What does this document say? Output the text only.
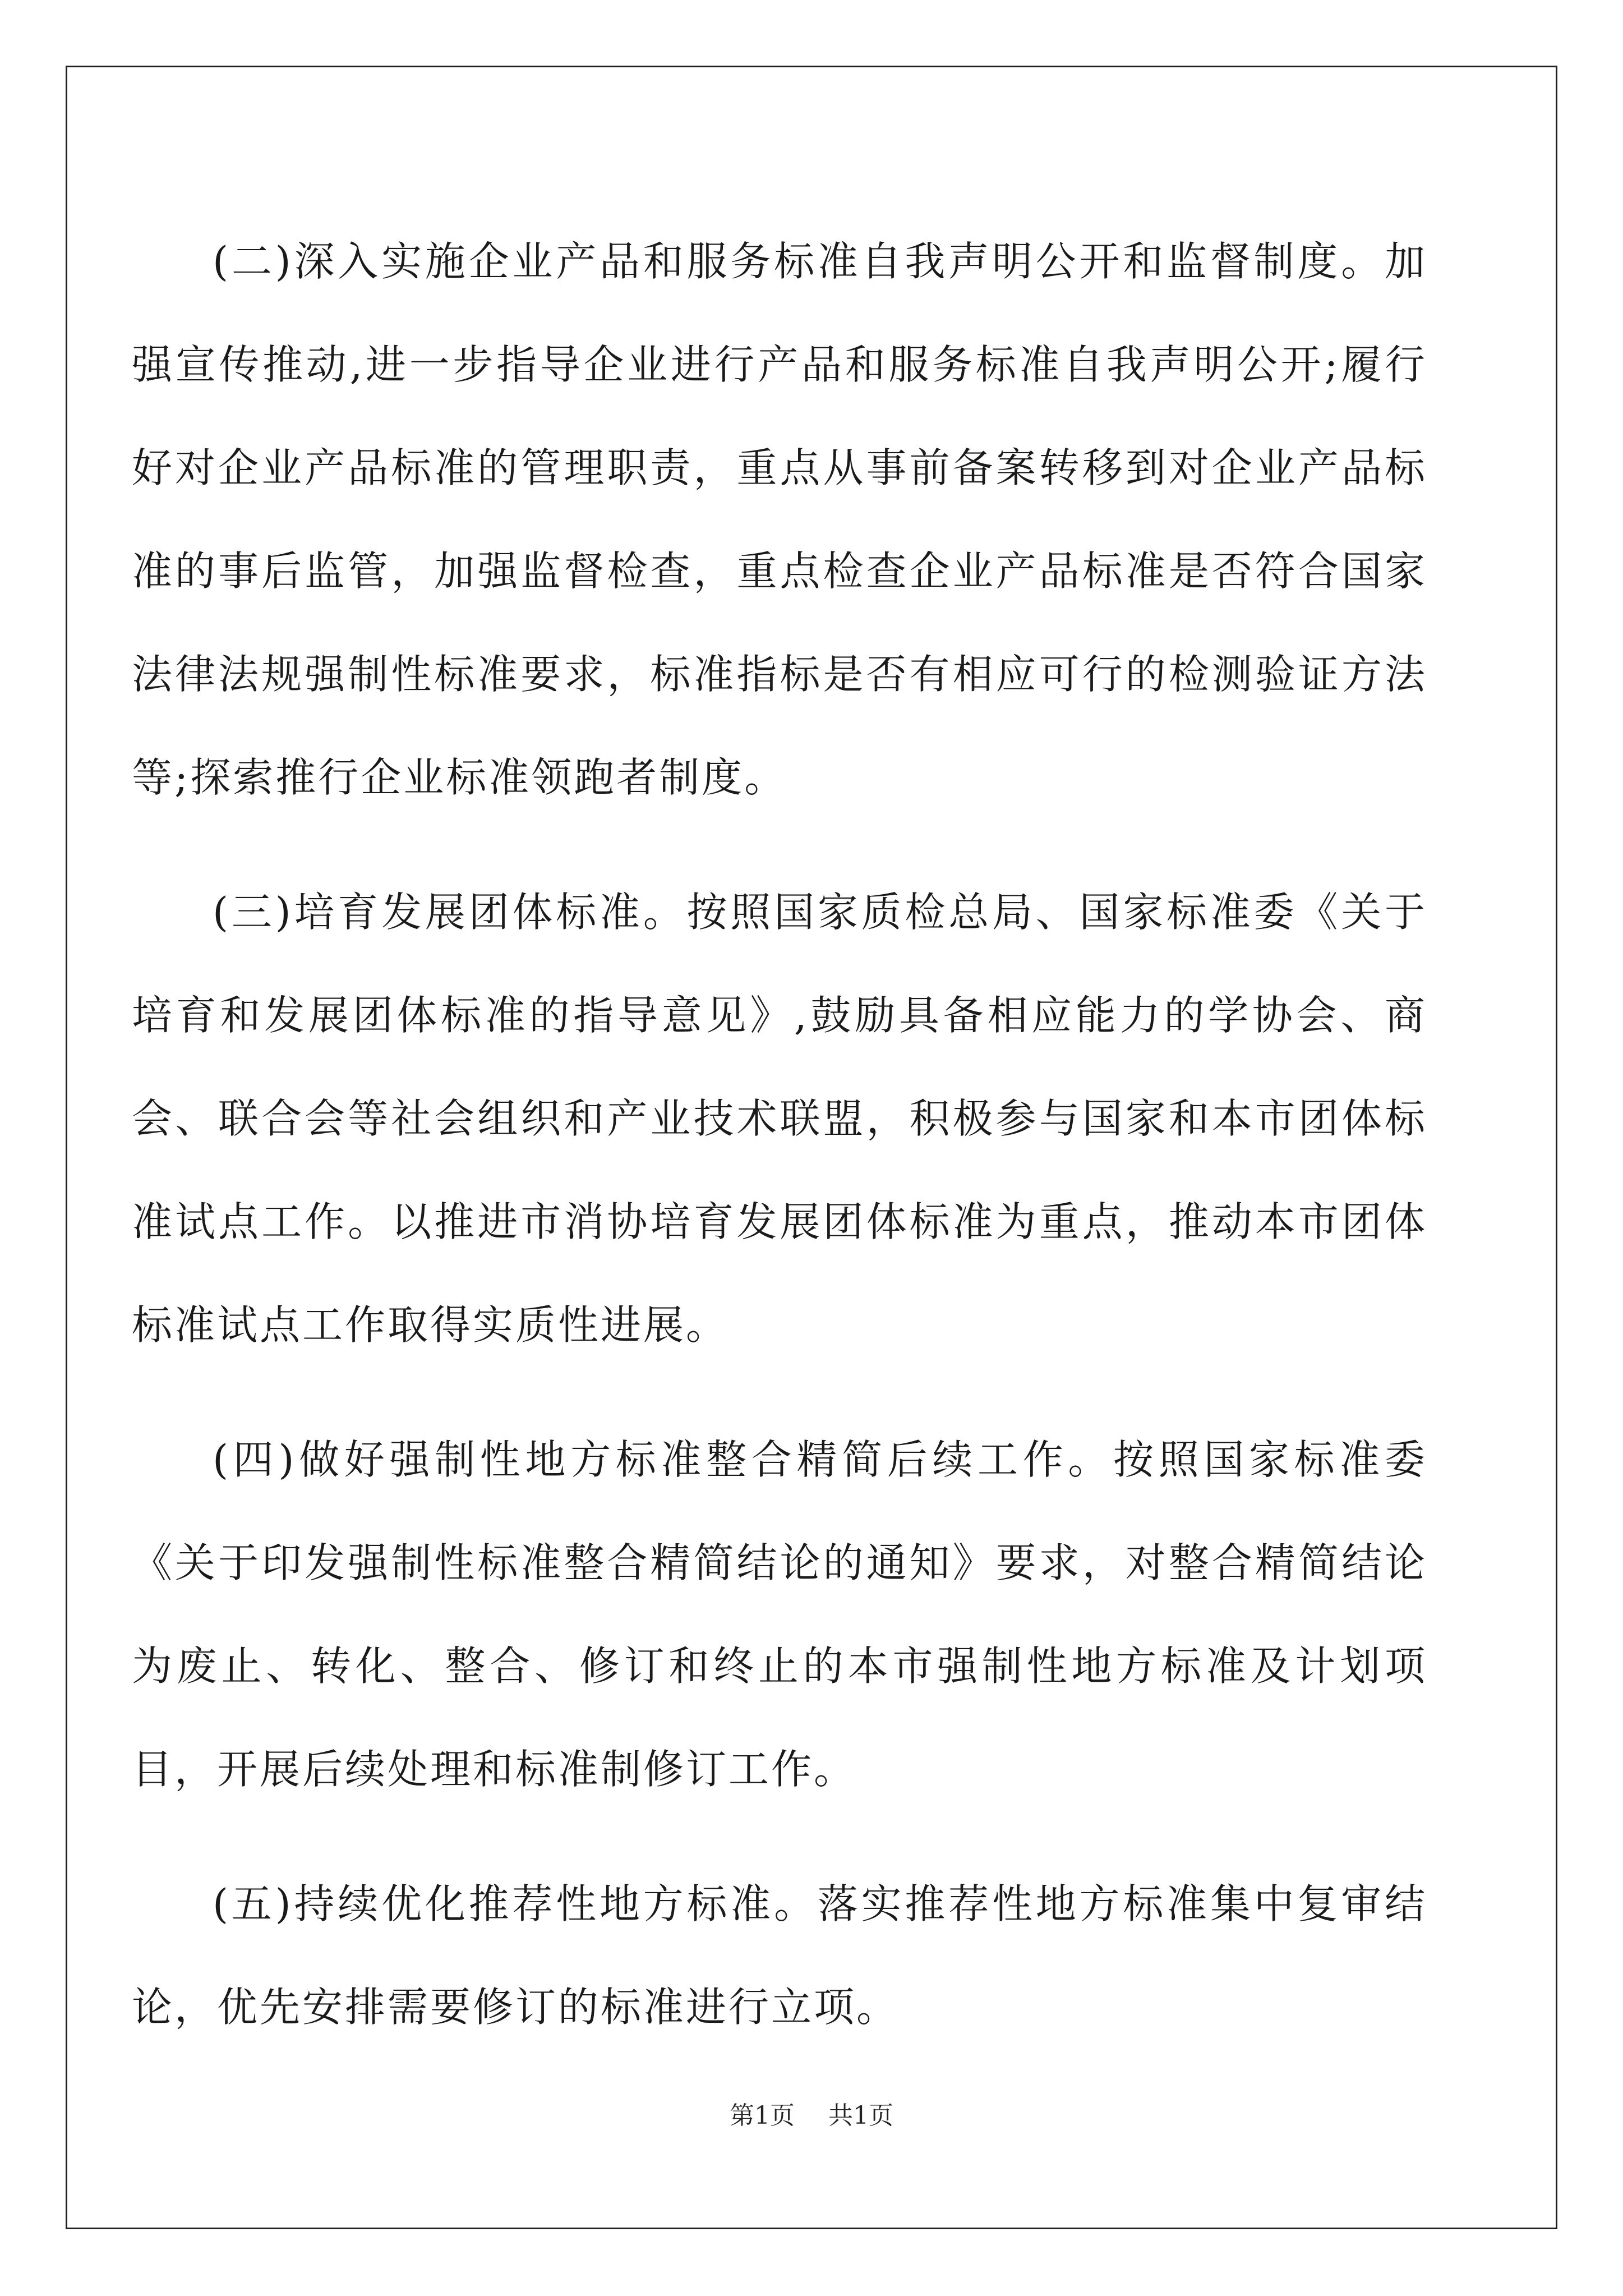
(二)深入实施企业产品和服务标准自我声明公开和监督制度。加强宣传推动,进一步指导企业进行产品和服务标准自我声明公开;履行好对企业产品标准的管理职责，重点从事前备案转移到对企业产品标准的事后监管，加强监督检查，重点检查企业产品标准是否符合国家法律法规强制性标准要求，标准指标是否有相应可行的检测验证方法等;探索推行企业标准领跑者制度。

(三)培育发展团体标准。按照国家质检总局、国家标准委《关于培育和发展团体标准的指导意见》,鼓励具备相应能力的学协会、商会、联合会等社会组织和产业技术联盟，积极参与国家和本市团体标准试点工作。以推进市消协培育发展团体标准为重点，推动本市团体标准试点工作取得实质性进展。

(四)做好强制性地方标准整合精简后续工作。按照国家标准委《关于印发强制性标准整合精简结论的通知》要求，对整合精简结论为废止、转化、整合、修订和终止的本市强制性地方标准及计划项目，开展后续处理和标准制修订工作。

(五)持续优化推荐性地方标准。落实推荐性地方标准集中复审结论，优先安排需要修订的标准进行立项。

第1页 共1页
